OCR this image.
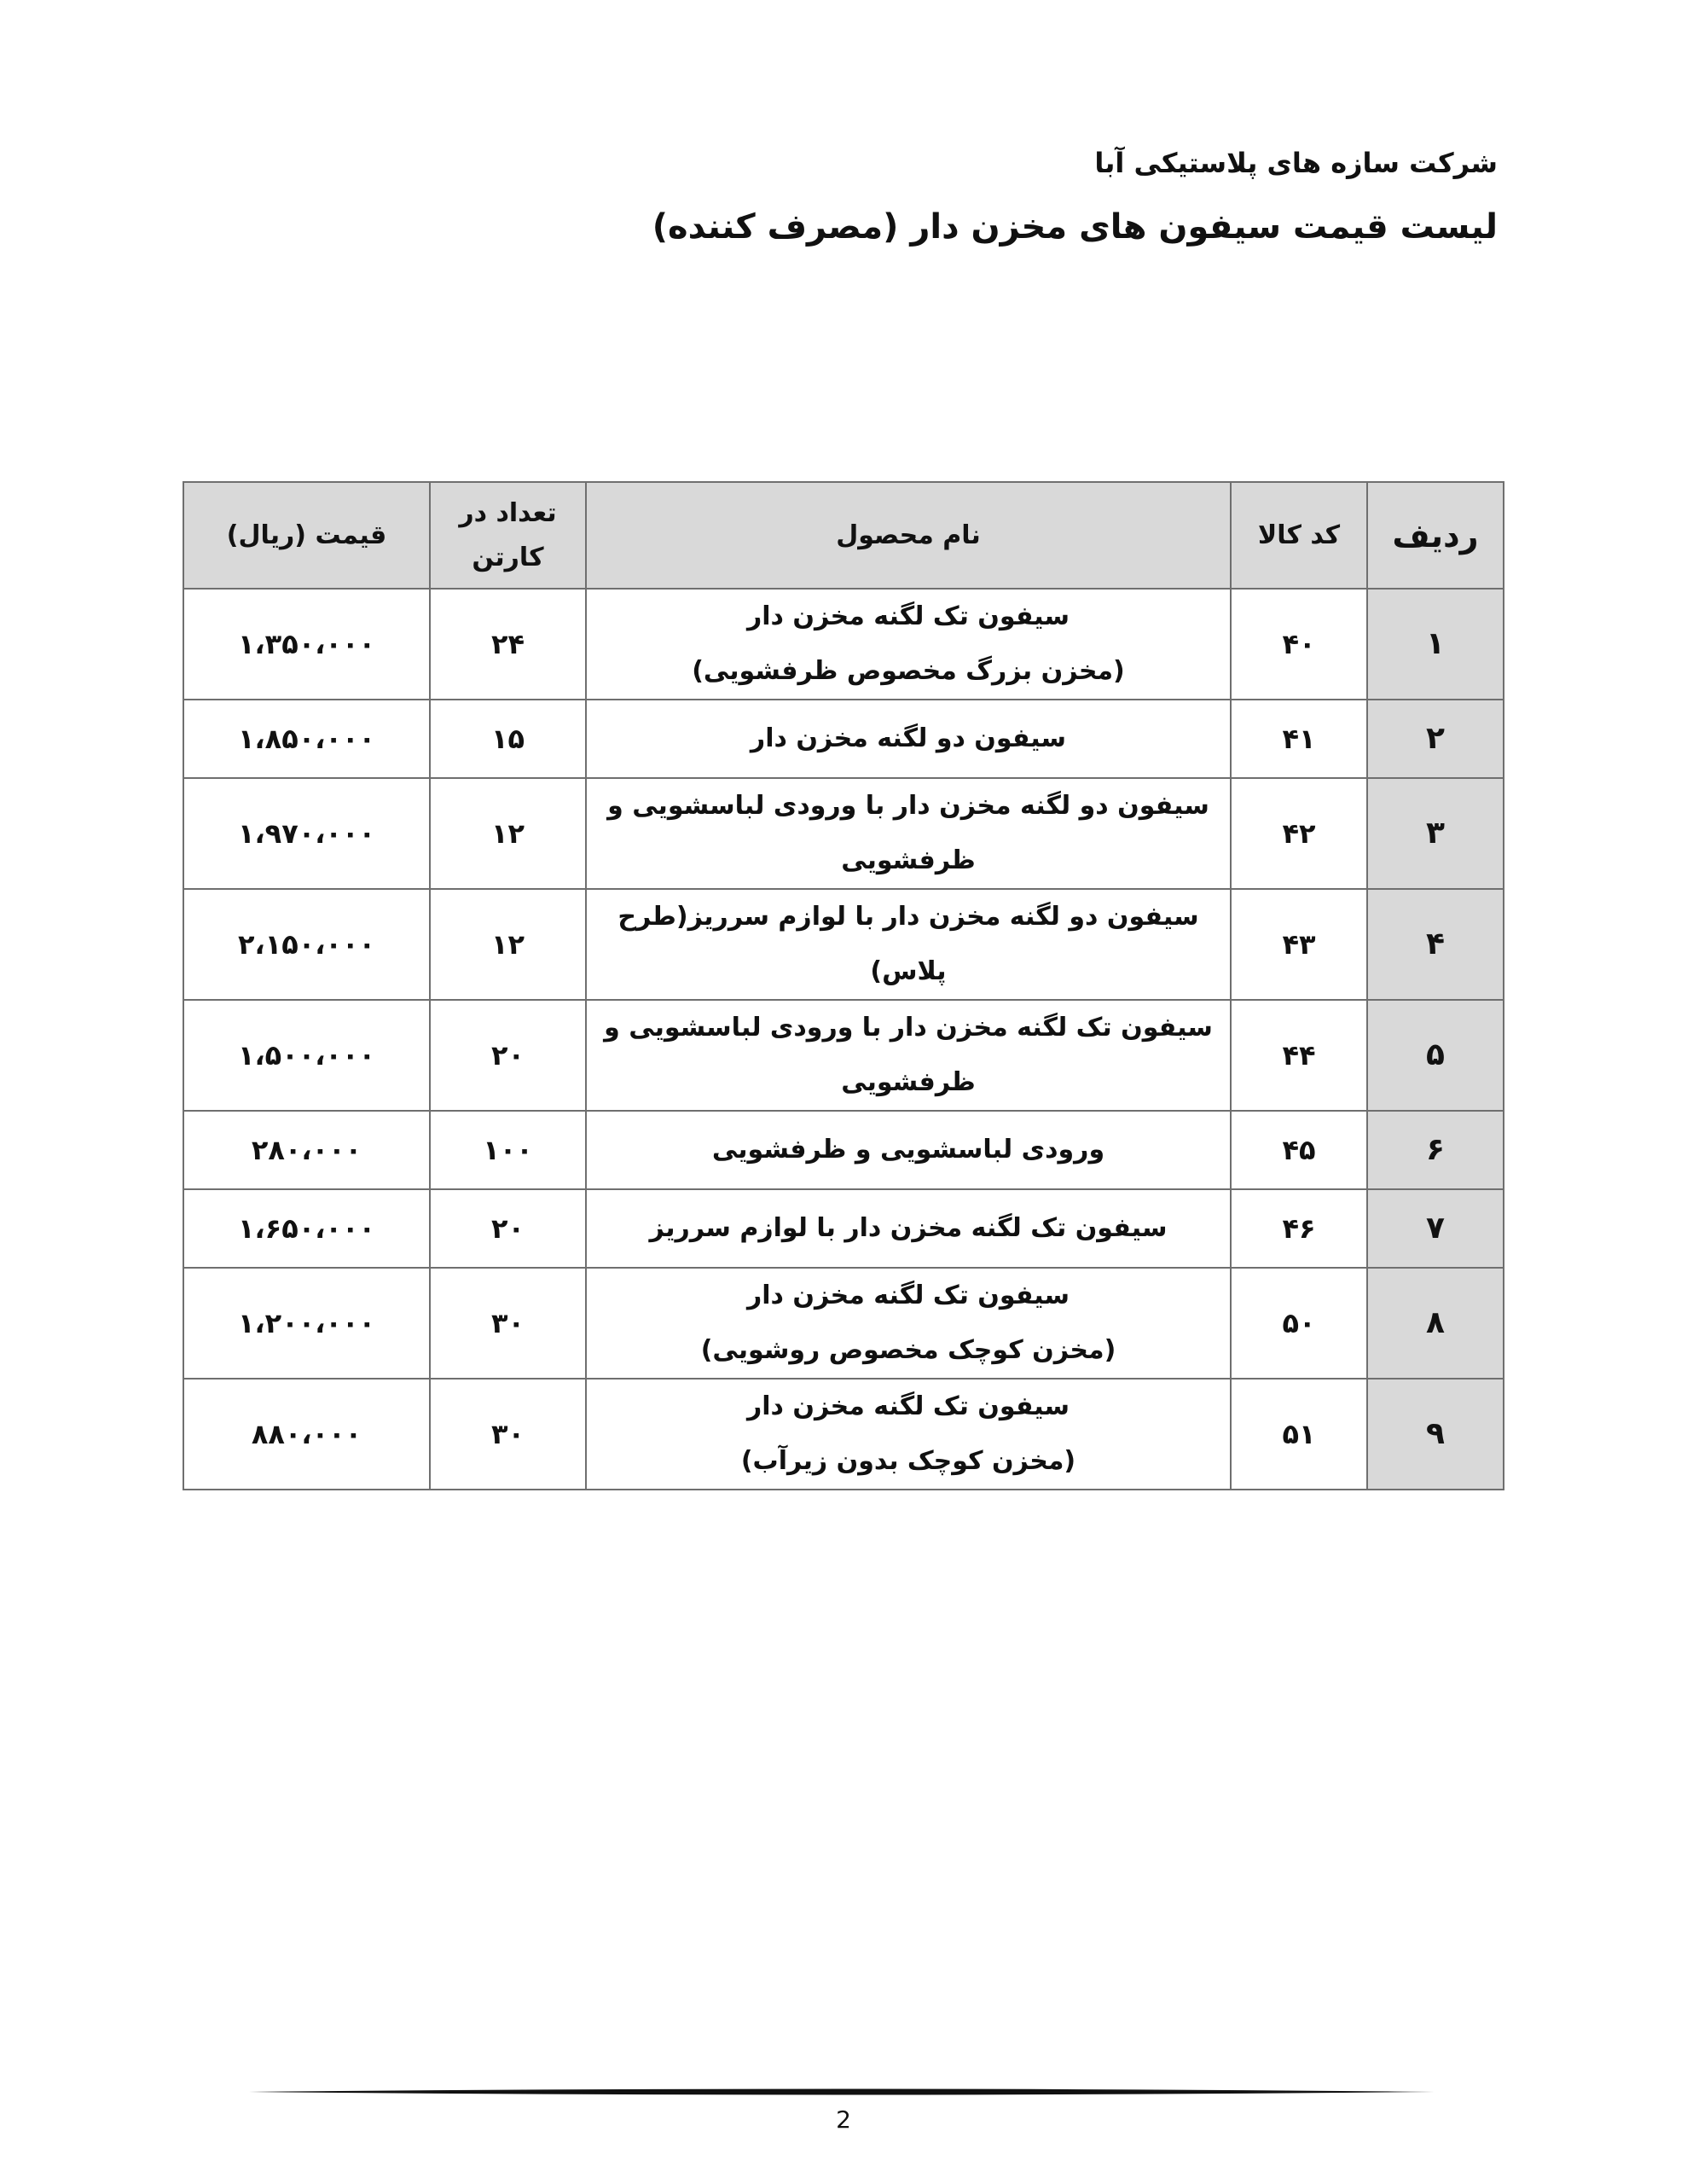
شرکت سازه های پلاستیکی آبا
لیست قیمت سیفون های مخزن دار (مصرف کننده)
ردیف	کد کالا	نام محصول	تعداد در
کارتن	قیمت (ریال)
۱	۴۰	سیفون تک لگنه مخزن دار
(مخزن بزرگ مخصوص ظرفشویی)	۲۴	۱،۳۵۰،۰۰۰
۲	۴۱	سیفون دو لگنه مخزن دار	۱۵	۱،۸۵۰،۰۰۰
۳	۴۲	سیفون دو لگنه مخزن دار با ورودی لباسشویی و
ظرفشویی	۱۲	۱،۹۷۰،۰۰۰
۴	۴۳	سیفون دو لگنه مخزن دار با لوازم سرریز(طرح پلاس)	۱۲	۲،۱۵۰،۰۰۰
۵	۴۴	سیفون تک لگنه مخزن دار با ورودی لباسشویی و
ظرفشویی	۲۰	۱،۵۰۰،۰۰۰
۶	۴۵	ورودی لباسشویی و ظرفشویی	۱۰۰	۲۸۰،۰۰۰
۷	۴۶	سیفون تک لگنه مخزن دار با لوازم سرریز	۲۰	۱،۶۵۰،۰۰۰
۸	۵۰	سیفون تک لگنه مخزن دار
(مخزن کوچک مخصوص روشویی)	۳۰	۱،۲۰۰،۰۰۰
۹	۵۱	سیفون تک لگنه مخزن دار
(مخزن کوچک بدون زیرآب)	۳۰	۸۸۰،۰۰۰
2
